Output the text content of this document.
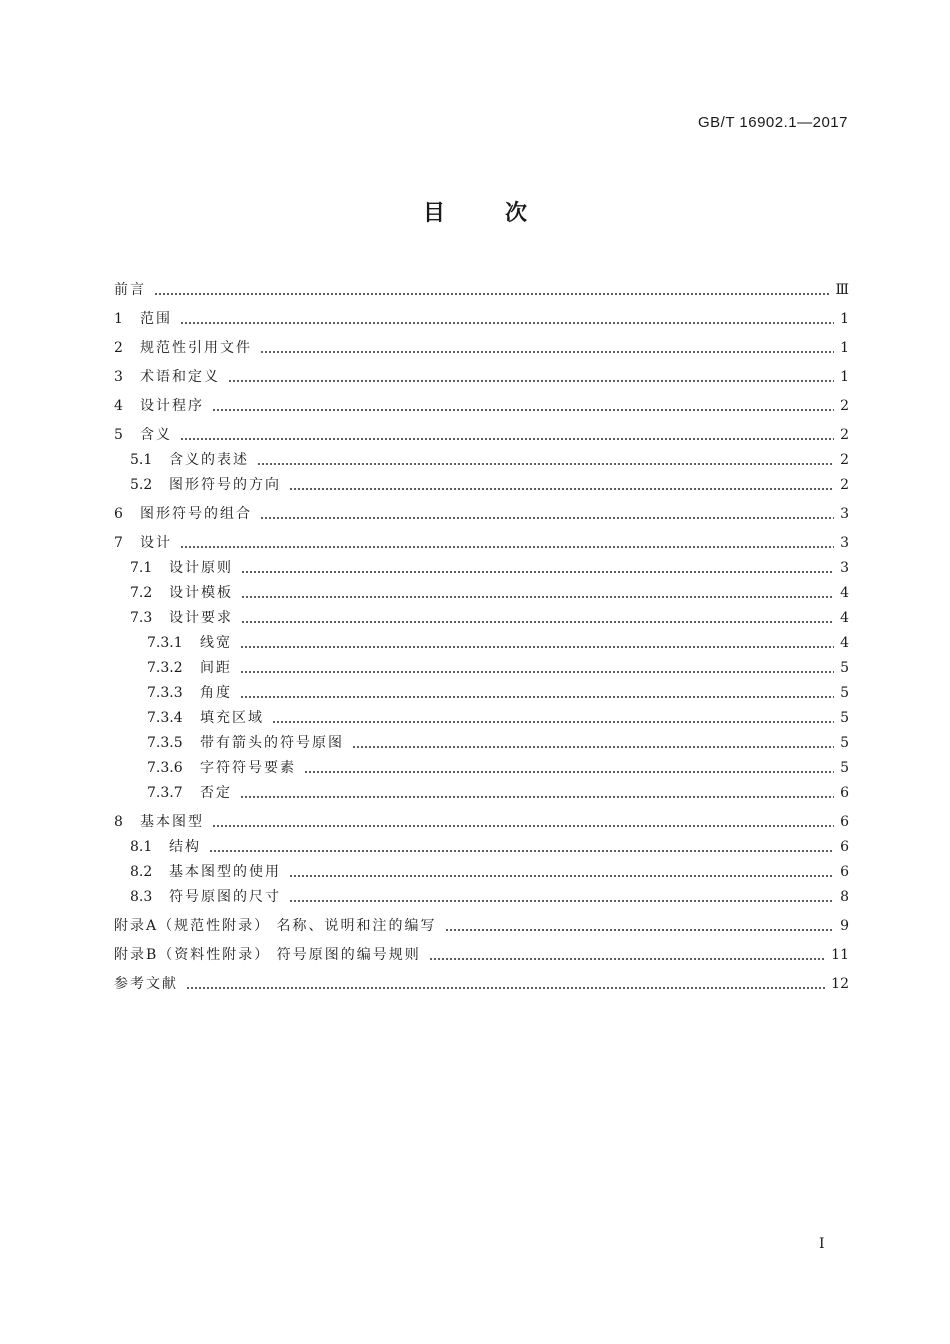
GB/T 16902.1—2017
目次
前言	Ⅲ
1	范围	1
2	规范性引用文件	1
3	术语和定义	1
4	设计程序	2
5	含义	2
5.1	含义的表述	2
5.2	图形符号的方向	2
6	图形符号的组合	3
7	设计	3
7.1	设计原则	3
7.2	设计模板	4
7.3	设计要求	4
7.3.1	线宽	4
7.3.2	间距	5
7.3.3	角度	5
7.3.4	填充区域	5
7.3.5	带有箭头的符号原图	5
7.3.6	字符符号要素	5
7.3.7	否定	6
8	基本图型	6
8.1	结构	6
8.2	基本图型的使用	6
8.3	符号原图的尺寸	8
附录A（规范性附录） 名称、说明和注的编写	9
附录B（资料性附录） 符号原图的编号规则	11
参考文献	12
Ⅰ
